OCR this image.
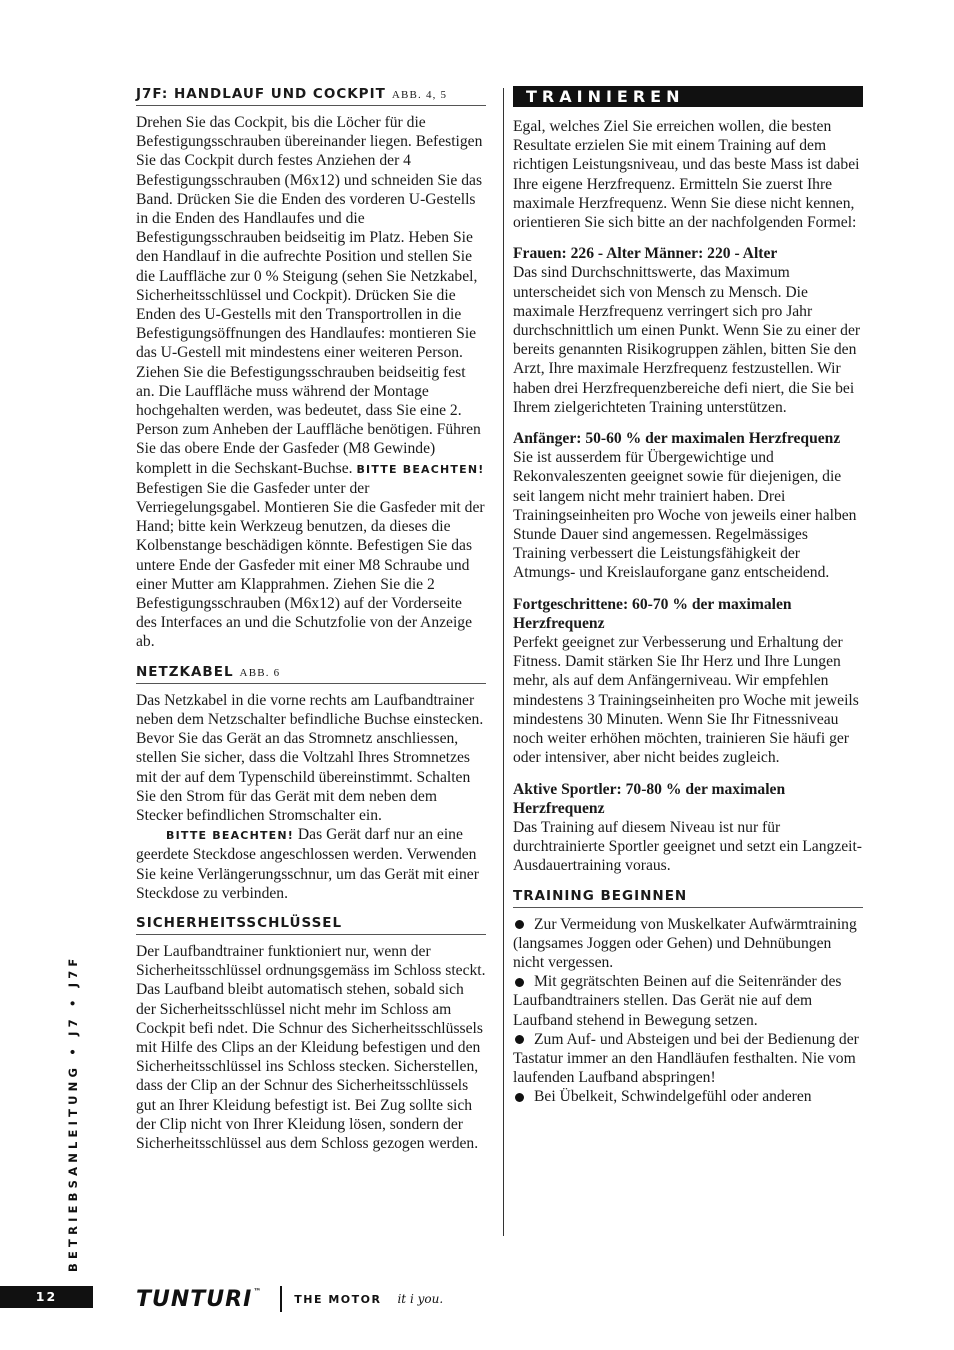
J7F: HANDLAUF UND COCKPIT ABB. 4, 5

Drehen Sie das Cockpit, bis die Löcher für die Befestigungsschrauben übereinander liegen. Befestigen Sie das Cockpit durch festes Anziehen der 4 Befestigungsschrauben (M6x12) und schneiden Sie das Band. Drücken Sie die Enden des vorderen U-Gestells in die Enden des Handlaufes und die Befestigungsschrauben beidseitig im Platz. Heben Sie den Handlauf in die aufrechte Position und stellen Sie die Lauffläche zur 0 % Steigung (sehen Sie Netzkabel, Sicherheitsschlüssel und Cockpit). Drücken Sie die Enden des U-Gestells mit den Transportrollen in die Befestigungsöffnungen des Handlaufes: montieren Sie das U-Gestell mit mindestens einer weiteren Person. Ziehen Sie die Befestigungsschrauben beidseitig fest an. Die Lauffläche muss während der Montage hochgehalten werden, was bedeutet, dass Sie eine 2. Person zum Anheben der Lauffläche benötigen. Führen Sie das obere Ende der Gasfeder (M8 Gewinde) komplett in die Sechskant-Buchse. BITTE BEACHTEN! Befestigen Sie die Gasfeder unter der Verriegelungsgabel. Montieren Sie die Gasfeder mit der Hand; bitte kein Werkzeug benutzen, da dieses die Kolbenstange beschädigen könnte. Befestigen Sie das untere Ende der Gasfeder mit einer M8 Schraube und einer Mutter am Klapprahmen. Ziehen Sie die 2 Befestigungsschrauben (M6x12) auf der Vorderseite des Interfaces an und die Schutzfolie von der Anzeige ab.

NETZKABEL ABB. 6

Das Netzkabel in die vorne rechts am Laufbandtrainer neben dem Netzschalter befindliche Buchse einstecken. Bevor Sie das Gerät an das Stromnetz anschliessen, stellen Sie sicher, dass die Voltzahl Ihres Stromnetzes mit der auf dem Typenschild übereinstimmt. Schalten Sie den Strom für das Gerät mit dem neben dem Stecker befindlichen Stromschalter ein.

BITTE BEACHTEN! Das Gerät darf nur an eine geerdete Steckdose angeschlossen werden. Verwenden Sie keine Verlängerungsschnur, um das Gerät mit einer Steckdose zu verbinden.

SICHERHEITSSCHLÜSSEL

Der Laufbandtrainer funktioniert nur, wenn der Sicherheitsschlüssel ordnungsgemäss im Schloss steckt. Das Laufband bleibt automatisch stehen, sobald sich der Sicherheitsschlüssel nicht mehr im Schloss am Cockpit befi ndet. Die Schnur des Sicherheitsschlüssels mit Hilfe des Clips an der Kleidung befestigen und den Sicherheitsschlüssel ins Schloss stecken. Sicherstellen, dass der Clip an der Schnur des Sicherheitsschlüssels gut an Ihrer Kleidung befestigt ist. Bei Zug sollte sich der Clip nicht von Ihrer Kleidung lösen, sondern der Sicherheitsschlüssel aus dem Schloss gezogen werden.

TRAINIEREN

Egal, welches Ziel Sie erreichen wollen, die besten Resultate erzielen Sie mit einem Training auf dem richtigen Leistungsniveau, und das beste Mass ist dabei Ihre eigene Herzfrequenz. Ermitteln Sie zuerst Ihre maximale Herzfrequenz. Wenn Sie diese nicht kennen, orientieren Sie sich bitte an der nachfolgenden Formel:

Frauen: 226 - Alter Männer: 220 - Alter

Das sind Durchschnittswerte, das Maximum unterscheidet sich von Mensch zu Mensch. Die maximale Herzfrequenz verringert sich pro Jahr durchschnittlich um einen Punkt. Wenn Sie zu einer der bereits genannten Risikogruppen zählen, bitten Sie den Arzt, Ihre maximale Herzfrequenz festzustellen. Wir haben drei Herzfrequenzbereiche defi niert, die Sie bei Ihrem zielgerichteten Training unterstützen.

Anfänger: 50-60 % der maximalen Herzfrequenz

Sie ist ausserdem für Übergewichtige und Rekonvaleszenten geeignet sowie für diejenigen, die seit langem nicht mehr trainiert haben. Drei Trainingseinheiten pro Woche von jeweils einer halben Stunde Dauer sind angemessen. Regelmässiges Training verbessert die Leistungsfähigkeit der Atmungs- und Kreislauforgane ganz entscheidend.

Fortgeschrittene: 60-70 % der maximalen Herzfrequenz

Perfekt geeignet zur Verbesserung und Erhaltung der Fitness. Damit stärken Sie Ihr Herz und Ihre Lungen mehr, als auf dem Anfängerniveau. Wir empfehlen mindestens 3 Trainingseinheiten pro Woche mit jeweils mindestens 30 Minuten. Wenn Sie Ihr Fitnessniveau noch weiter erhöhen möchten, trainieren Sie häufi ger oder intensiver, aber nicht beides zugleich.

Aktive Sportler: 70-80 % der maximalen Herzfrequenz

Das Training auf diesem Niveau ist nur für durchtrainierte Sportler geeignet und setzt ein Langzeit-Ausdauertraining voraus.

TRAINING BEGINNEN

Zur Vermeidung von Muskelkater Aufwärmtraining (langsames Joggen oder Gehen) und Dehnübungen nicht vergessen.

Mit gegrätschten Beinen auf die Seitenränder des Laufbandtrainers stellen. Das Gerät nie auf dem Laufband stehend in Bewegung setzen.

Zum Auf- und Absteigen und bei der Bedienung der Tastatur immer an den Handläufen festhalten. Nie vom laufenden Laufband abspringen!

Bei Übelkeit, Schwindelgefühl oder anderen

BETRIEBSANLEITUNG • J7 • J7F
12	TUNTURI™
THE MOTOR it i you.
